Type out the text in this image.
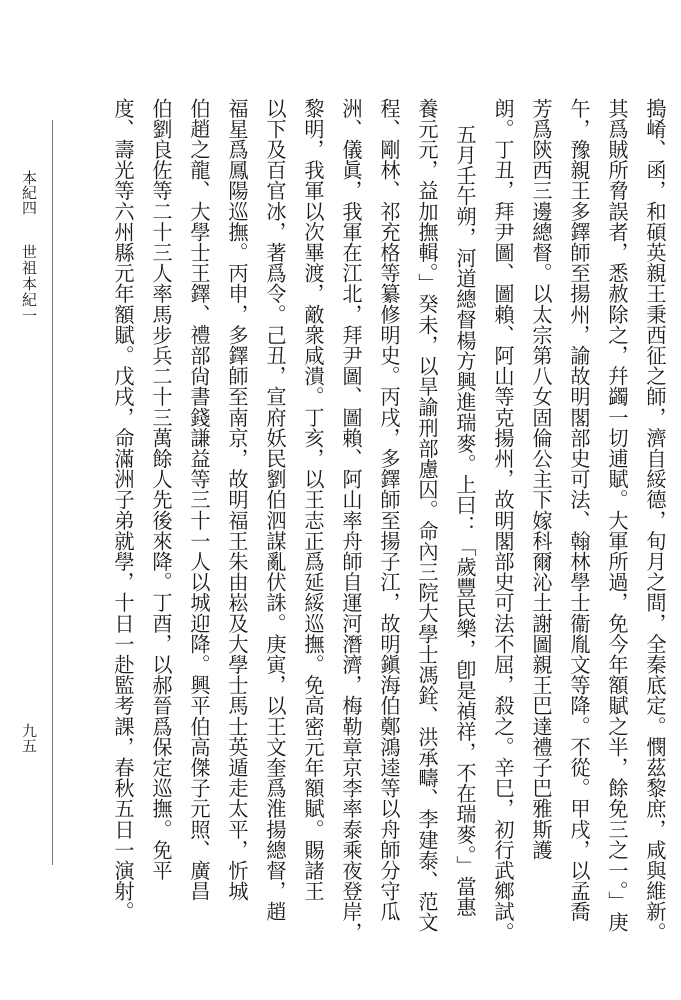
本紀四
世祖本紀一
九五	搗崤、函，和碩英親王秉西征之師，濟自綏德，旬月之間，全秦底定。憫茲黎庶，咸與維新。
其爲賊所脅誤者，悉赦除之，幷蠲一切逋賦。大軍所過，免今年額賦之半，餘免三之一。」庚
午，豫親王多鐸師至揚州，諭故明閣部史可法、翰林學士衞胤文等降。不從。甲戌，以孟喬
芳爲陝西三邊總督。以太宗第八女固倫公主下嫁科爾沁土謝圖親王巴達禮子巴雅斯護
朗。丁丑，拜尹圖、圖賴、阿山等克揚州，故明閣部史可法不屈，殺之。辛巳，初行武鄉試。
五月壬午朔，河道總督楊方興進瑞麥。上曰：「歲豐民樂，卽是禎祥，不在瑞麥。」當惠
養元元，益加撫輯。」癸未，以旱諭刑部慮囚。命內三院大學士馮銓、洪承疇、李建泰、范文
程、剛林、祁充格等纂修明史。丙戌，多鐸師至揚子江，故明鎭海伯鄭鴻逵等以舟師分守瓜
洲、儀眞，我軍在江北，拜尹圖、圖賴、阿山率舟師自運河潛濟，梅勒章京李率泰乘夜登岸，
黎明，我軍以次畢渡，敵衆咸潰。丁亥，以王志正爲延綏巡撫。免高密元年額賦。賜諸王
以下及百官冰，著爲令。己丑，宣府妖民劉伯泗謀亂伏誅。庚寅，以王文奎爲淮揚總督，趙
福星爲鳳陽巡撫。丙申，多鐸師至南京，故明福王朱由崧及大學士馬士英遁走太平，忻城
伯趙之龍、大學士王鐸、禮部尙書錢謙益等三十一人以城迎降。興平伯高傑子元照、廣昌
伯劉良佐等二十三人率馬步兵二十三萬餘人先後來降。丁酉，以郝晉爲保定巡撫。免平
度、壽光等六州縣元年額賦。戊戌，命滿洲子弟就學，十日一赴監考課，春秋五日一演射。
